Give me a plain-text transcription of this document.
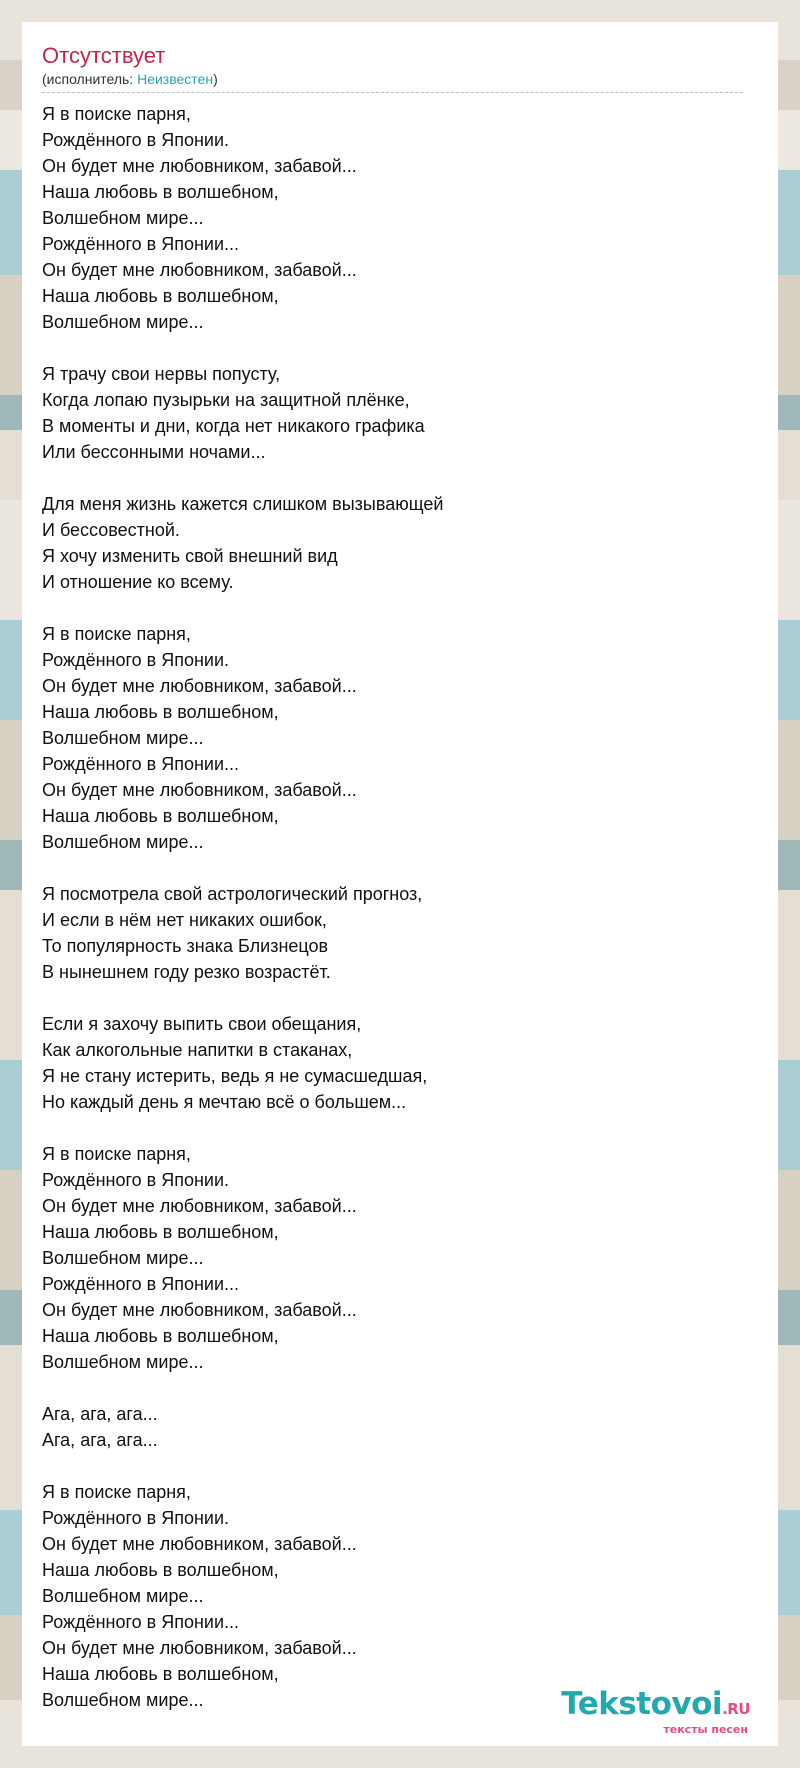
Отсутствует
(исполнитель: Неизвестен)
Я в поиске парня,
Рождённого в Японии.
Он будет мне любовником, забавой...
Наша любовь в волшебном,
Волшебном мире...
Рождённого в Японии...
Он будет мне любовником, забавой...
Наша любовь в волшебном,
Волшебном мире...
Я трачу свои нервы попусту,
Когда лопаю пузырьки на защитной плёнке,
В моменты и дни, когда нет никакого графика
Или бессонными ночами...
Для меня жизнь кажется слишком вызывающей
И бессовестной.
Я хочу изменить свой внешний вид
И отношение ко всему.
Я в поиске парня,
Рождённого в Японии.
Он будет мне любовником, забавой...
Наша любовь в волшебном,
Волшебном мире...
Рождённого в Японии...
Он будет мне любовником, забавой...
Наша любовь в волшебном,
Волшебном мире...
Я посмотрела свой астрологический прогноз,
И если в нём нет никаких ошибок,
То популярность знака Близнецов
В нынешнем году резко возрастёт.
Если я захочу выпить свои обещания,
Как алкогольные напитки в стаканах,
Я не стану истерить, ведь я не сумасшедшая,
Но каждый день я мечтаю всё о большем...
Я в поиске парня,
Рождённого в Японии.
Он будет мне любовником, забавой...
Наша любовь в волшебном,
Волшебном мире...
Рождённого в Японии...
Он будет мне любовником, забавой...
Наша любовь в волшебном,
Волшебном мире...
Ага, ага, ага...
Ага, ага, ага...
Я в поиске парня,
Рождённого в Японии.
Он будет мне любовником, забавой...
Наша любовь в волшебном,
Волшебном мире...
Рождённого в Японии...
Он будет мне любовником, забавой...
Наша любовь в волшебном,
Волшебном мире...	Tekstovoi.RU
тексты песен
